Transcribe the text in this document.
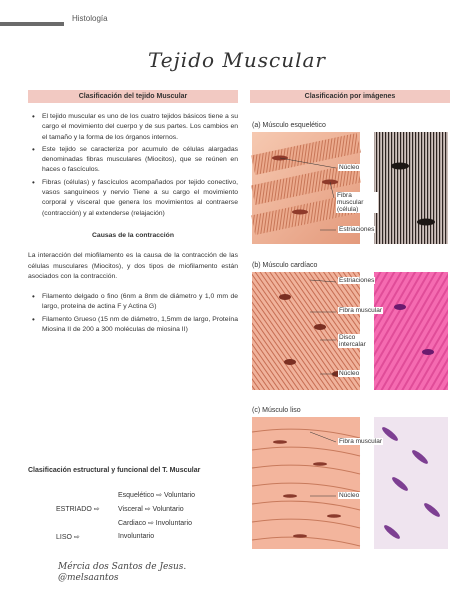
Histología
Tejido Muscular
Clasificación del tejido Muscular	Clasificación por imágenes
• El tejido muscular es uno de los cuatro tejidos básicos tiene a su cargo el movimiento del cuerpo y de sus partes. Los cambios en el tamaño y la forma de los órganos internos.
• Este tejido se caracteriza por acumulo de células alargadas denominadas fibras musculares (Miocitos), que se reúnen en haces o fascículos.
• Fibras (células) y fascículos acompañados por tejido conectivo, vasos sanguíneos y nervio Tiene a su cargo el movimiento corporal y visceral que genera los movimientos al contraerse (contracción) y al extenderse (relajación)
Causas de la contracción
La interacción del miofilamento es la causa de la contracción de las células musculares (Miocitos), y dos tipos de miofilamento están asociados con la contracción.
• Filamento delgado o fino (6nm a 8nm de diámetro y 1,0 mm de largo, proteína de actina F y Actina G)
• Filamento Grueso (15 nm de diámetro, 1,5mm de largo, Proteína Miosina II de 200 a 300 moléculas de miosina II)
Clasificación estructural y funcional del T. Muscular
Esquelético ⇨ Voluntario
ESTRIADO ⇨	Visceral ⇨ Voluntario
Cardiaco ⇨ Involuntario
LISO ⇨	Involuntario
Mércia dos Santos de Jesus.
@melsaantos
(a) Músculo esquelético
Núcleo
Fibra muscular (célula)
Estriaciones
(b) Músculo cardíaco
Estriaciones
Fibra muscular
Disco intercalar
Núcleo
(c) Músculo liso
Fibra muscular
Núcleo
